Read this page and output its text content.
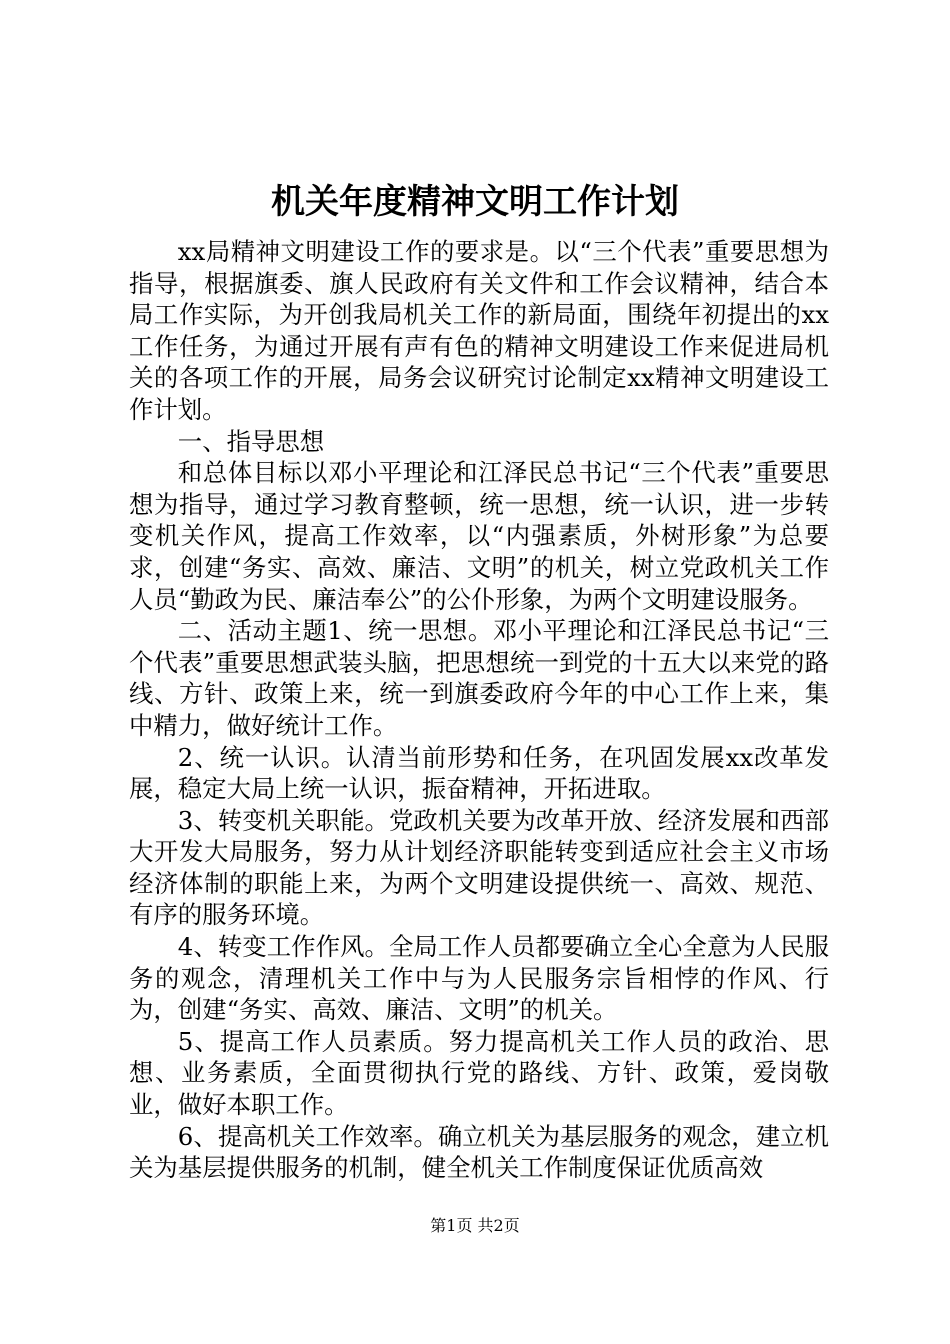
机关年度精神文明工作计划

xx局精神文明建设工作的要求是。以“三个代表”重要思想为指导，根据旗委、旗人民政府有关文件和工作会议精神，结合本局工作实际，为开创我局机关工作的新局面，围绕年初提出的xx工作任务，为通过开展有声有色的精神文明建设工作来促进局机关的各项工作的开展，局务会议研究讨论制定xx精神文明建设工作计划。

一、指导思想

和总体目标以邓小平理论和江泽民总书记“三个代表”重要思想为指导，通过学习教育整顿，统一思想，统一认识，进一步转变机关作风，提高工作效率，以“内强素质，外树形象”为总要求，创建“务实、高效、廉洁、文明”的机关，树立党政机关工作人员“勤政为民、廉洁奉公”的公仆形象，为两个文明建设服务。

二、活动主题1、统一思想。邓小平理论和江泽民总书记“三个代表”重要思想武装头脑，把思想统一到党的十五大以来党的路线、方针、政策上来，统一到旗委政府今年的中心工作上来，集中精力，做好统计工作。

2、统一认识。认清当前形势和任务，在巩固发展xx改革发展，稳定大局上统一认识，振奋精神，开拓进取。

3、转变机关职能。党政机关要为改革开放、经济发展和西部大开发大局服务，努力从计划经济职能转变到适应社会主义市场经济体制的职能上来，为两个文明建设提供统一、高效、规范、有序的服务环境。

4、转变工作作风。全局工作人员都要确立全心全意为人民服务的观念，清理机关工作中与为人民服务宗旨相悖的作风、行为，创建“务实、高效、廉洁、文明”的机关。

5、提高工作人员素质。努力提高机关工作人员的政治、思想、业务素质，全面贯彻执行党的路线、方针、政策，爱岗敬业，做好本职工作。

6、提高机关工作效率。确立机关为基层服务的观念，建立机关为基层提供服务的机制，健全机关工作制度保证优质高效

第1页 共2页
